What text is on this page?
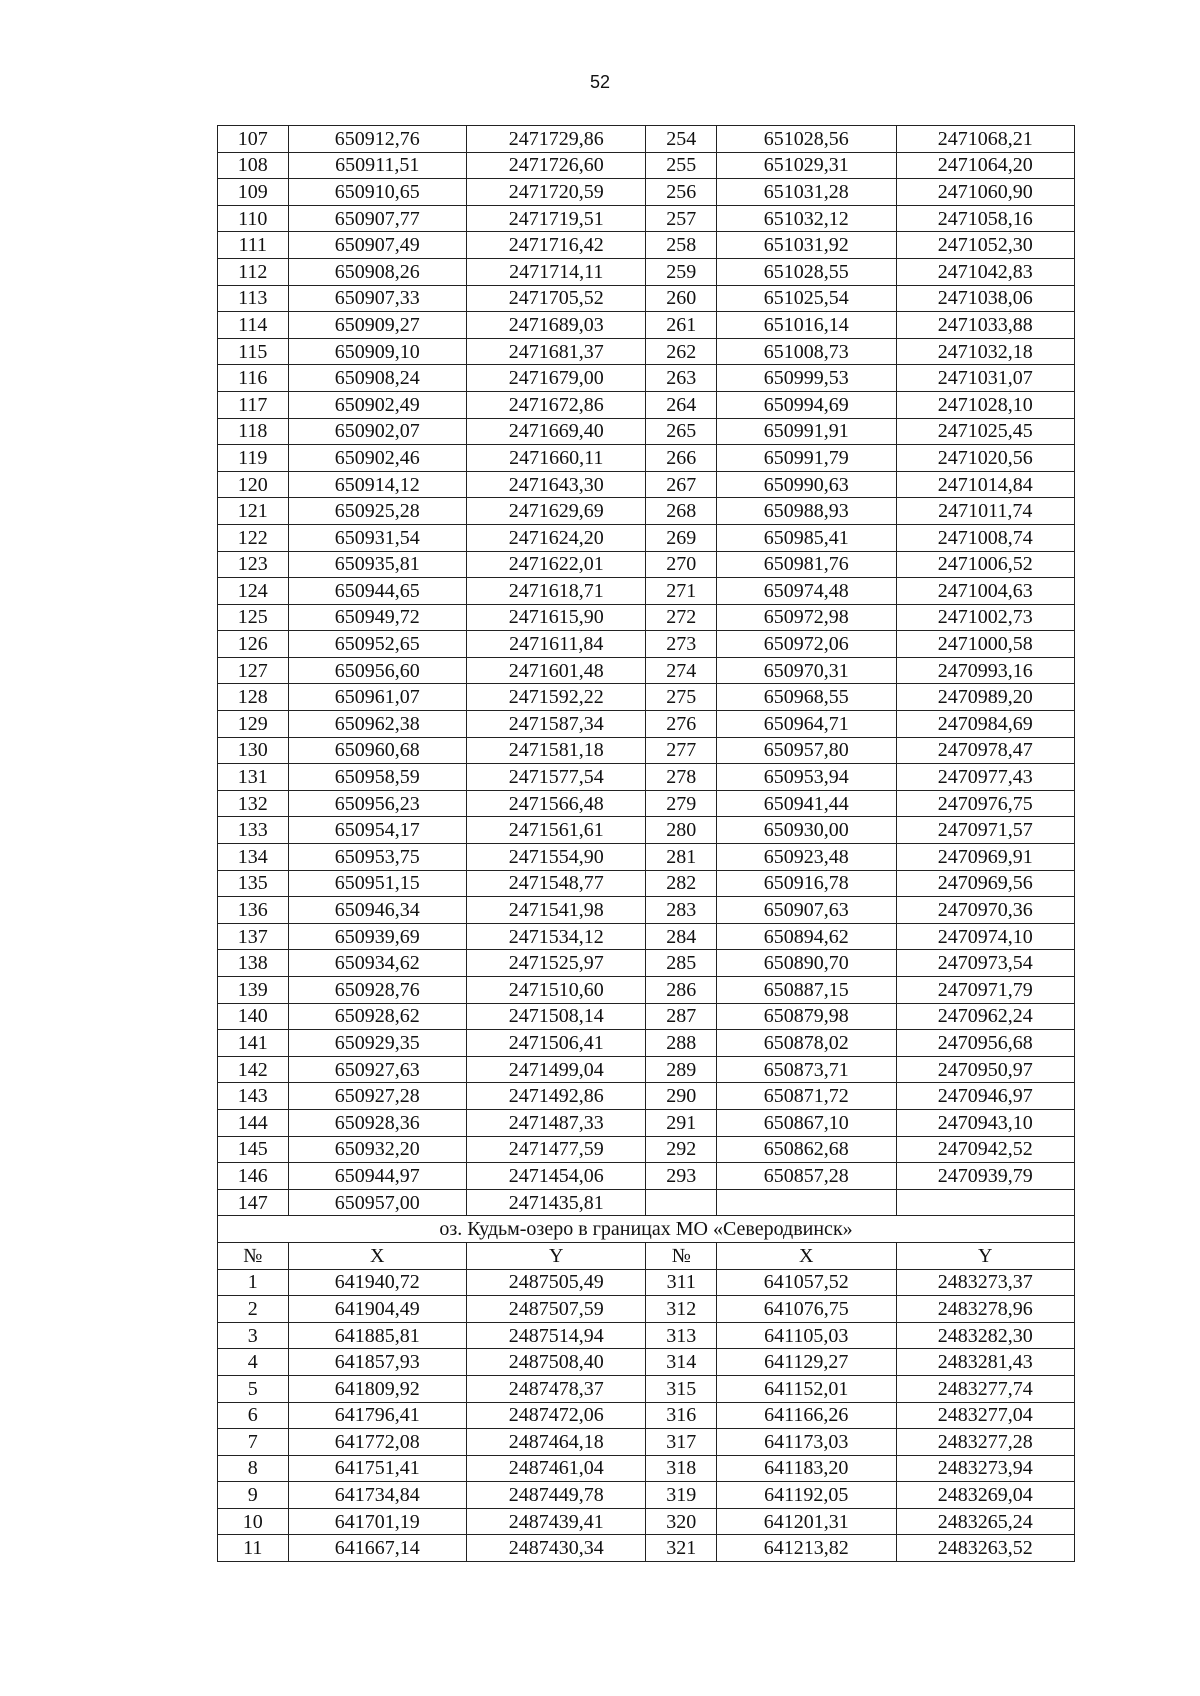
52
107	650912,76	2471729,86	254	651028,56	2471068,21
108	650911,51	2471726,60	255	651029,31	2471064,20
109	650910,65	2471720,59	256	651031,28	2471060,90
110	650907,77	2471719,51	257	651032,12	2471058,16
111	650907,49	2471716,42	258	651031,92	2471052,30
112	650908,26	2471714,11	259	651028,55	2471042,83
113	650907,33	2471705,52	260	651025,54	2471038,06
114	650909,27	2471689,03	261	651016,14	2471033,88
115	650909,10	2471681,37	262	651008,73	2471032,18
116	650908,24	2471679,00	263	650999,53	2471031,07
117	650902,49	2471672,86	264	650994,69	2471028,10
118	650902,07	2471669,40	265	650991,91	2471025,45
119	650902,46	2471660,11	266	650991,79	2471020,56
120	650914,12	2471643,30	267	650990,63	2471014,84
121	650925,28	2471629,69	268	650988,93	2471011,74
122	650931,54	2471624,20	269	650985,41	2471008,74
123	650935,81	2471622,01	270	650981,76	2471006,52
124	650944,65	2471618,71	271	650974,48	2471004,63
125	650949,72	2471615,90	272	650972,98	2471002,73
126	650952,65	2471611,84	273	650972,06	2471000,58
127	650956,60	2471601,48	274	650970,31	2470993,16
128	650961,07	2471592,22	275	650968,55	2470989,20
129	650962,38	2471587,34	276	650964,71	2470984,69
130	650960,68	2471581,18	277	650957,80	2470978,47
131	650958,59	2471577,54	278	650953,94	2470977,43
132	650956,23	2471566,48	279	650941,44	2470976,75
133	650954,17	2471561,61	280	650930,00	2470971,57
134	650953,75	2471554,90	281	650923,48	2470969,91
135	650951,15	2471548,77	282	650916,78	2470969,56
136	650946,34	2471541,98	283	650907,63	2470970,36
137	650939,69	2471534,12	284	650894,62	2470974,10
138	650934,62	2471525,97	285	650890,70	2470973,54
139	650928,76	2471510,60	286	650887,15	2470971,79
140	650928,62	2471508,14	287	650879,98	2470962,24
141	650929,35	2471506,41	288	650878,02	2470956,68
142	650927,63	2471499,04	289	650873,71	2470950,97
143	650927,28	2471492,86	290	650871,72	2470946,97
144	650928,36	2471487,33	291	650867,10	2470943,10
145	650932,20	2471477,59	292	650862,68	2470942,52
146	650944,97	2471454,06	293	650857,28	2470939,79
147	650957,00	2471435,81			
оз. Кудьм-озеро в границах МО «Северодвинск»					
№	X	Y	№	X	Y
1	641940,72	2487505,49	311	641057,52	2483273,37
2	641904,49	2487507,59	312	641076,75	2483278,96
3	641885,81	2487514,94	313	641105,03	2483282,30
4	641857,93	2487508,40	314	641129,27	2483281,43
5	641809,92	2487478,37	315	641152,01	2483277,74
6	641796,41	2487472,06	316	641166,26	2483277,04
7	641772,08	2487464,18	317	641173,03	2483277,28
8	641751,41	2487461,04	318	641183,20	2483273,94
9	641734,84	2487449,78	319	641192,05	2483269,04
10	641701,19	2487439,41	320	641201,31	2483265,24
11	641667,14	2487430,34	321	641213,82	2483263,52
